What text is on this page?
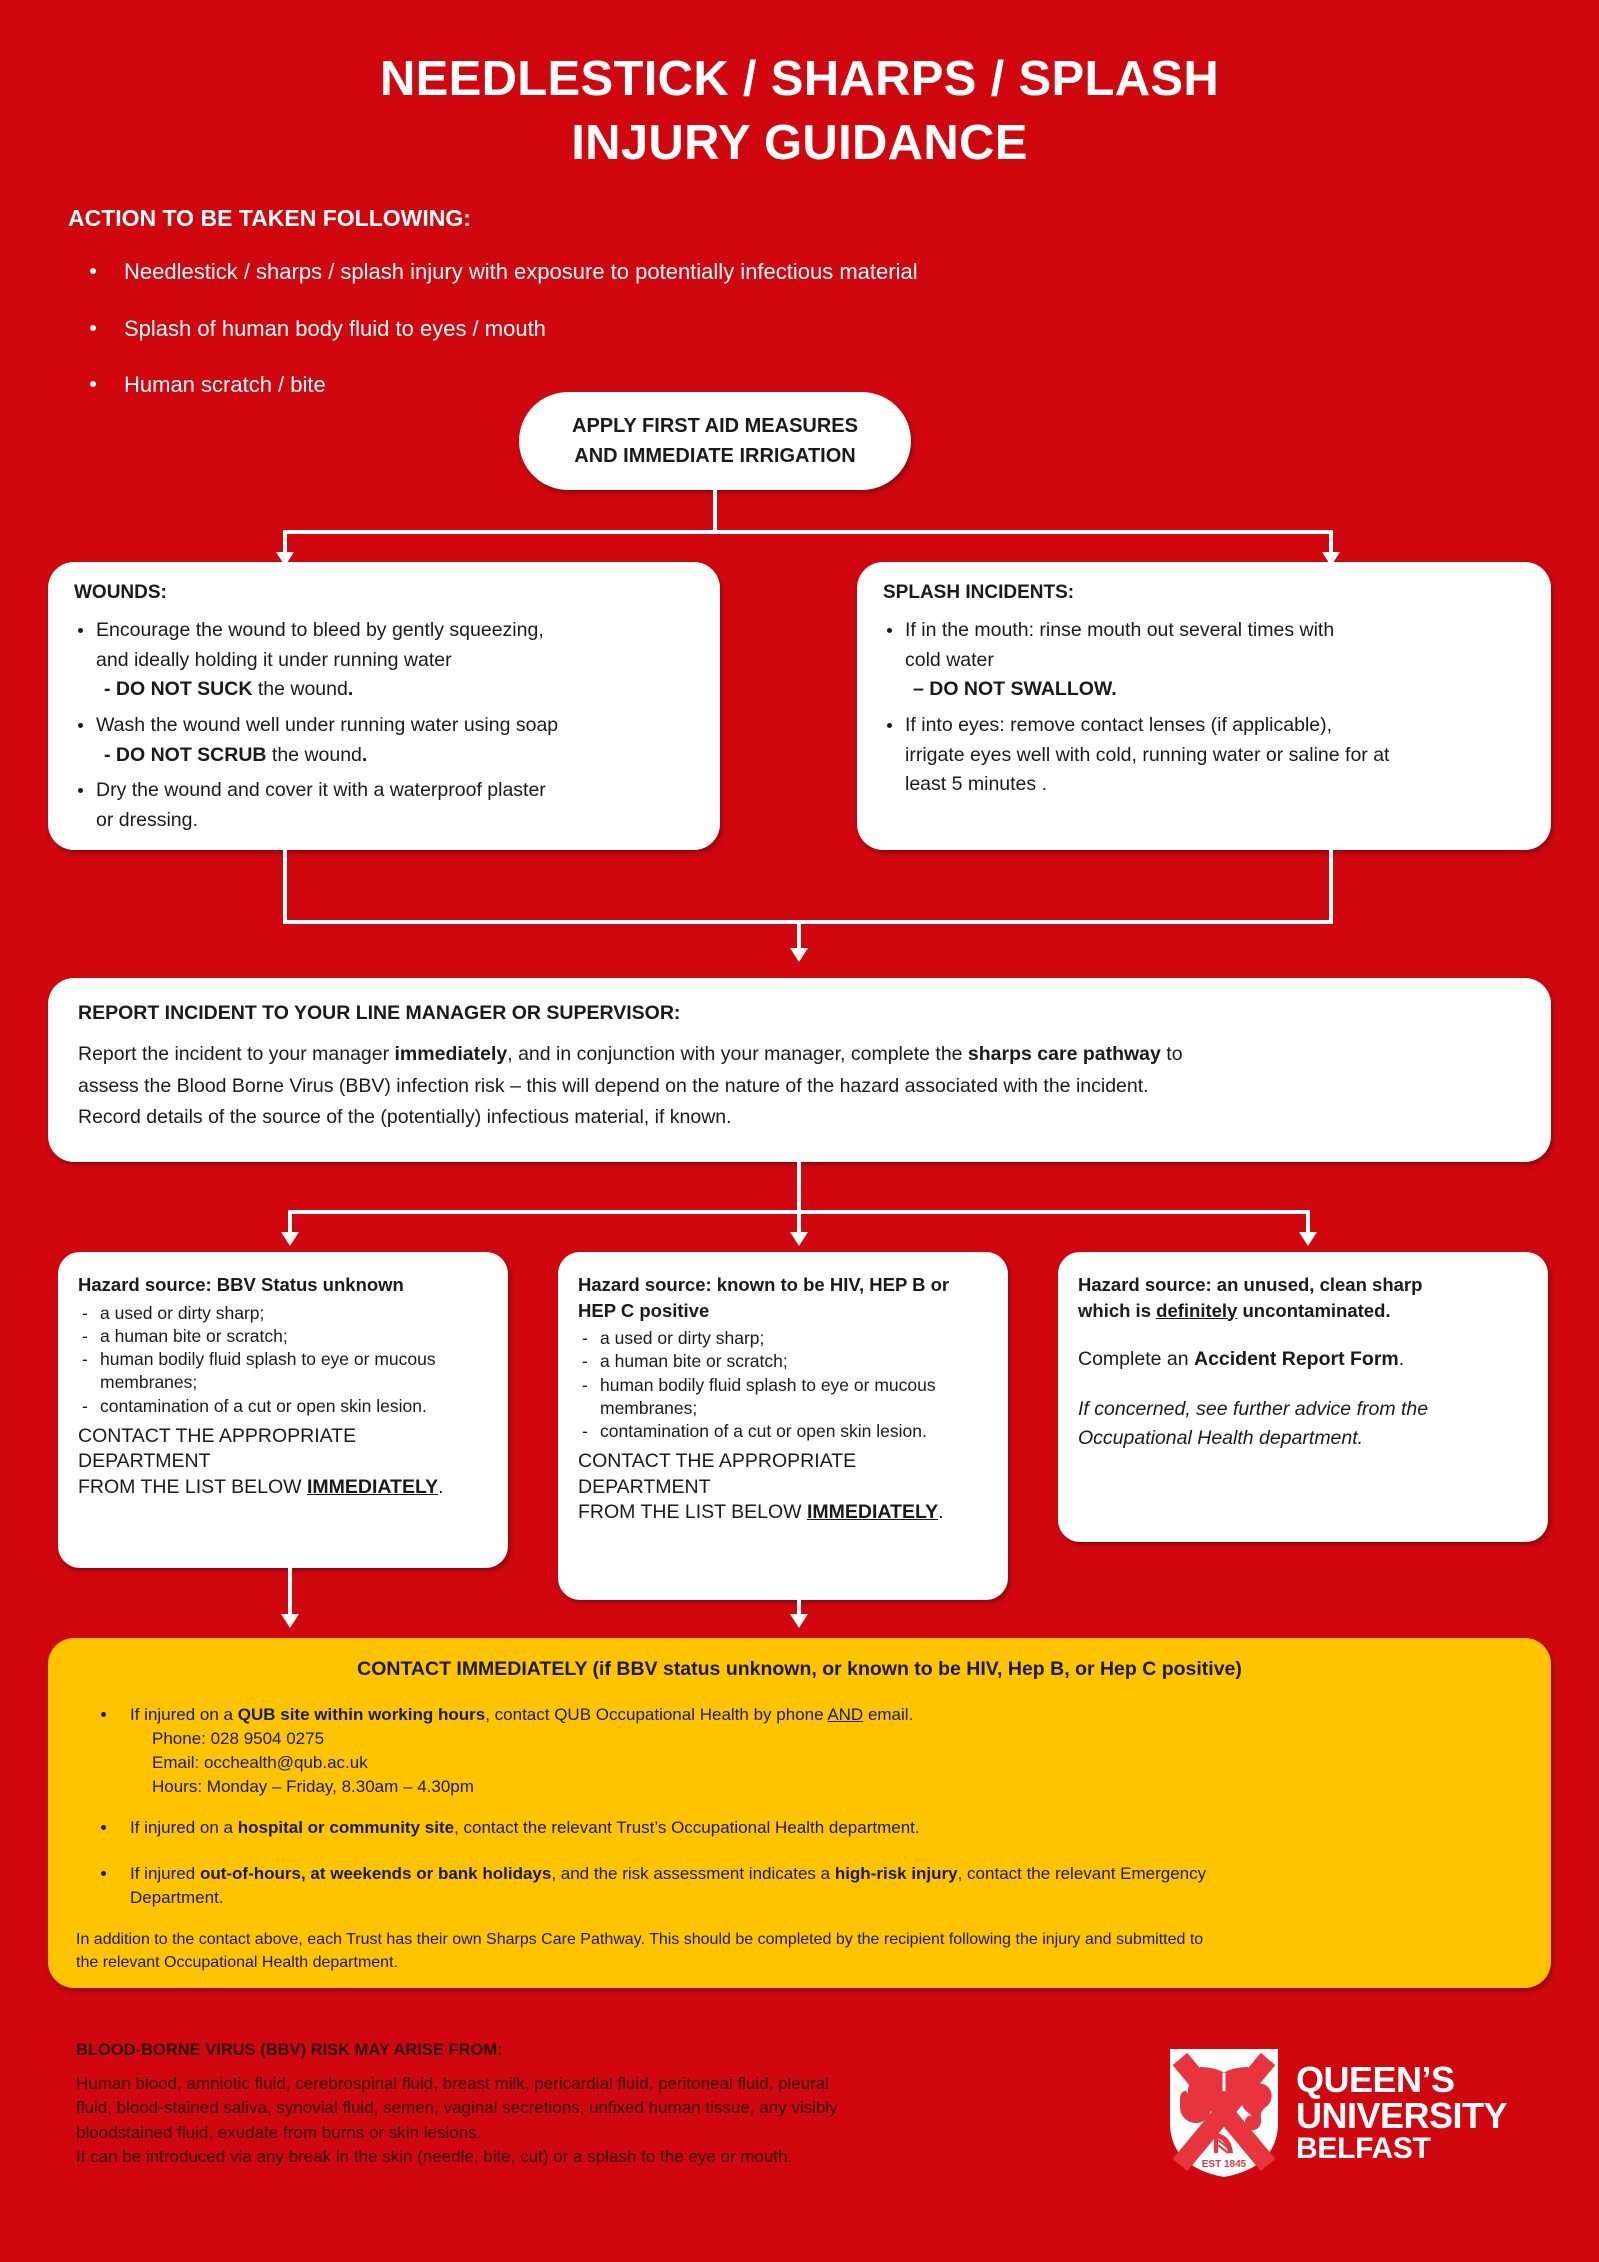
NEEDLESTICK / SHARPS / SPLASH
INJURY GUIDANCE
ACTION TO BE TAKEN FOLLOWING:
Needlestick / sharps / splash injury with exposure to potentially infectious material
Splash of human body fluid to eyes / mouth
Human scratch / bite
APPLY FIRST AID MEASURES
AND IMMEDIATE IRRIGATION
WOUNDS:
Encourage the wound to bleed by gently squeezing,
and ideally holding it under running water
- DO NOT SUCK the wound.
Wash the wound well under running water using soap
- DO NOT SCRUB the wound.
Dry the wound and cover it with a waterproof plaster
or dressing.
SPLASH INCIDENTS:
If in the mouth: rinse mouth out several times with
cold water
– DO NOT SWALLOW.
If into eyes: remove contact lenses (if applicable),
irrigate eyes well with cold, running water or saline for at
least 5 minutes .
REPORT INCIDENT TO YOUR LINE MANAGER OR SUPERVISOR:
Report the incident to your manager immediately, and in conjunction with your manager, complete the sharps care pathway to
assess the Blood Borne Virus (BBV) infection risk – this will depend on the nature of the hazard associated with the incident.
Record details of the source of the (potentially) infectious material, if known.
Hazard source: BBV Status unknown
- a used or dirty sharp;
- a human bite or scratch;
- human bodily fluid splash to eye or mucous
membranes;
- contamination of a cut or open skin lesion.
CONTACT THE APPROPRIATE DEPARTMENT
FROM THE LIST BELOW IMMEDIATELY.
Hazard source: known to be HIV, HEP B or
HEP C positive
- a used or dirty sharp;
- a human bite or scratch;
- human bodily fluid splash to eye or mucous
membranes;
- contamination of a cut or open skin lesion.
CONTACT THE APPROPRIATE DEPARTMENT
FROM THE LIST BELOW IMMEDIATELY.
Hazard source: an unused, clean sharp
which is definitely uncontaminated.
Complete an Accident Report Form.
If concerned, see further advice from the
Occupational Health department.
CONTACT IMMEDIATELY (if BBV status unknown, or known to be HIV, Hep B, or Hep C positive)
If injured on a QUB site within working hours, contact QUB Occupational Health by phone AND email.
Phone: 028 9504 0275
Email: occhealth@qub.ac.uk
Hours: Monday – Friday, 8.30am – 4.30pm
If injured on a hospital or community site, contact the relevant Trust’s Occupational Health department.
If injured out-of-hours, at weekends or bank holidays, and the risk assessment indicates a high-risk injury, contact the relevant Emergency
Department.
In addition to the contact above, each Trust has their own Sharps Care Pathway. This should be completed by the recipient following the injury and submitted to
the relevant Occupational Health department.
BLOOD-BORNE VIRUS (BBV) RISK MAY ARISE FROM:
Human blood, amniotic fluid, cerebrospinal fluid, breast milk, pericardial fluid, peritoneal fluid, pleural
fluid, blood-stained saliva, synovial fluid, semen, vaginal secretions, unfixed human tissue, any visibly
bloodstained fluid, exudate from burns or skin lesions.
It can be introduced via any break in the skin (needle, bite, cut) or a splash to the eye or mouth.	EST 1845
QUEEN’S
UNIVERSITY
BELFAST
